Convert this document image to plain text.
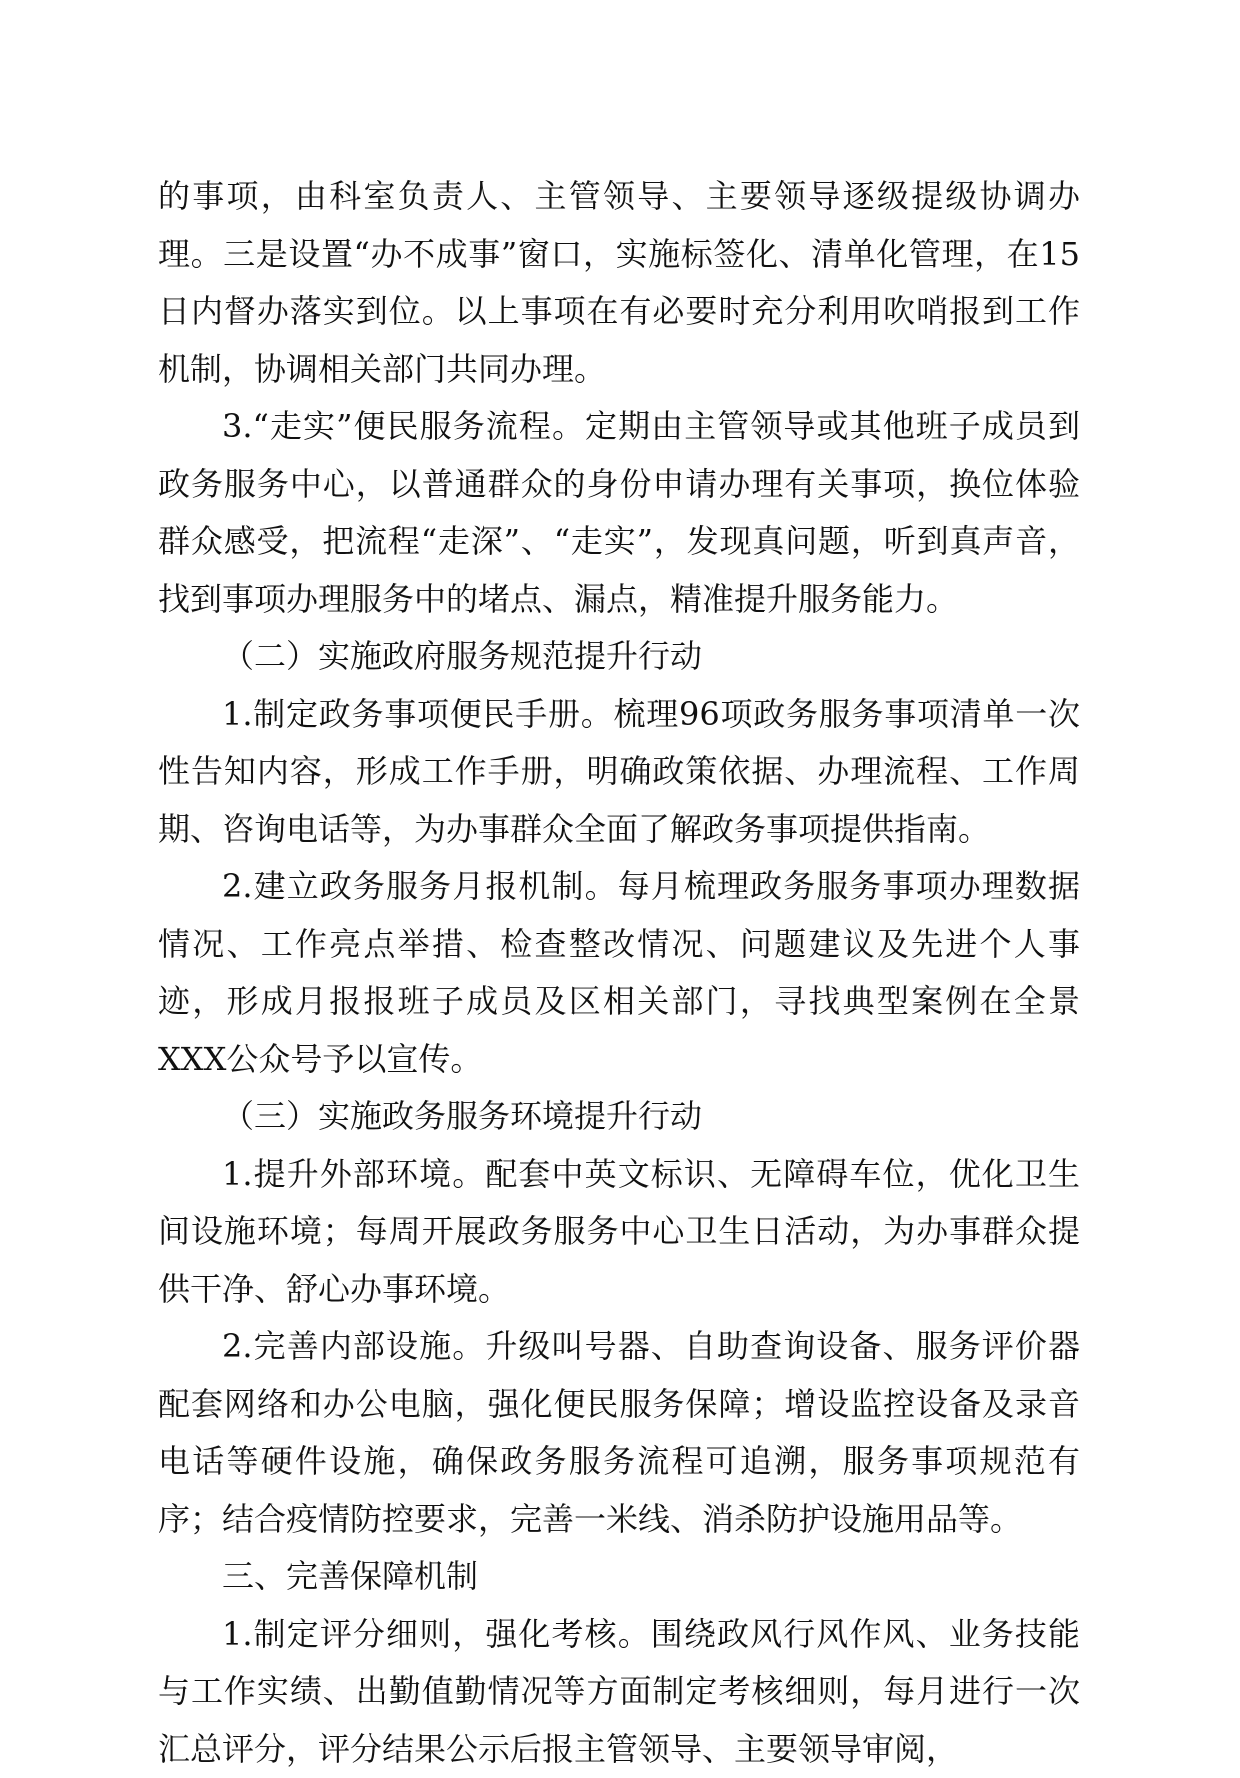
的事项，由科室负责人、主管领导、主要领导逐级提级协调办理。三是设置“办不成事”窗口，实施标签化、清单化管理，在15日内督办落实到位。以上事项在有必要时充分利用吹哨报到工作机制，协调相关部门共同办理。

3.“走实”便民服务流程。定期由主管领导或其他班子成员到政务服务中心，以普通群众的身份申请办理有关事项，换位体验群众感受，把流程“走深”、“走实”，发现真问题，听到真声音，找到事项办理服务中的堵点、漏点，精准提升服务能力。

（二）实施政府服务规范提升行动

1.制定政务事项便民手册。梳理96项政务服务事项清单一次性告知内容，形成工作手册，明确政策依据、办理流程、工作周期、咨询电话等，为办事群众全面了解政务事项提供指南。

2.建立政务服务月报机制。每月梳理政务服务事项办理数据情况、工作亮点举措、检查整改情况、问题建议及先进个人事迹，形成月报报班子成员及区相关部门，寻找典型案例在全景XXX公众号予以宣传。

（三）实施政务服务环境提升行动

1.提升外部环境。配套中英文标识、无障碍车位，优化卫生间设施环境；每周开展政务服务中心卫生日活动，为办事群众提供干净、舒心办事环境。

2.完善内部设施。升级叫号器、自助查询设备、服务评价器配套网络和办公电脑，强化便民服务保障；增设监控设备及录音电话等硬件设施，确保政务服务流程可追溯，服务事项规范有序；结合疫情防控要求，完善一米线、消杀防护设施用品等。

三、完善保障机制

1.制定评分细则，强化考核。围绕政风行风作风、业务技能与工作实绩、出勤值勤情况等方面制定考核细则，每月进行一次汇总评分，评分结果公示后报主管领导、主要领导审阅，
